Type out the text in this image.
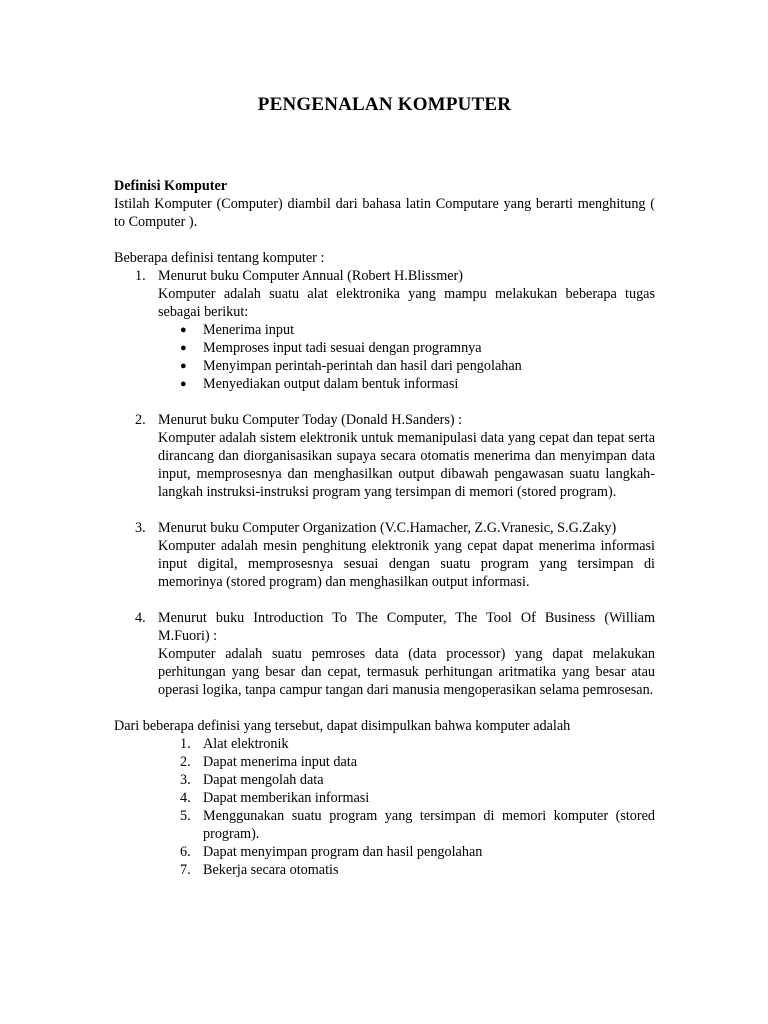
PENGENALAN KOMPUTER

Definisi Komputer

Istilah Komputer (Computer) diambil dari bahasa latin Computare yang berarti menghitung ( to Computer ).

Beberapa definisi tentang komputer :

1. Menurut buku Computer Annual (Robert H.Blissmer)

Komputer adalah suatu alat elektronika yang mampu melakukan beberapa tugas sebagai berikut:

● Menerima input
● Memproses input tadi sesuai dengan programnya
● Menyimpan perintah-perintah dan hasil dari pengolahan
● Menyediakan output dalam bentuk informasi
2. Menurut buku Computer Today (Donald H.Sanders) :

Komputer adalah sistem elektronik untuk memanipulasi data yang cepat dan tepat serta dirancang dan diorganisasikan supaya secara otomatis menerima dan menyimpan data input, memprosesnya dan menghasilkan output dibawah pengawasan suatu langkah-langkah instruksi-instruksi program yang tersimpan di memori (stored program).

3. Menurut buku Computer Organization (V.C.Hamacher, Z.G.Vranesic, S.G.Zaky)

Komputer adalah mesin penghitung elektronik yang cepat dapat menerima informasi input digital, memprosesnya sesuai dengan suatu program yang tersimpan di memorinya (stored program) dan menghasilkan output informasi.

4. Menurut buku Introduction To The Computer, The Tool Of Business (William M.Fuori) :

Komputer adalah suatu pemroses data (data processor) yang dapat melakukan perhitungan yang besar dan cepat, termasuk perhitungan aritmatika yang besar atau operasi logika, tanpa campur tangan dari manusia mengoperasikan selama pemrosesan.

Dari beberapa definisi yang tersebut, dapat disimpulkan bahwa komputer adalah

1. Alat elektronik
2. Dapat menerima input data
3. Dapat mengolah data
4. Dapat memberikan informasi
5. Menggunakan suatu program yang tersimpan di memori komputer (stored program).
6. Dapat menyimpan program dan hasil pengolahan
7. Bekerja secara otomatis
